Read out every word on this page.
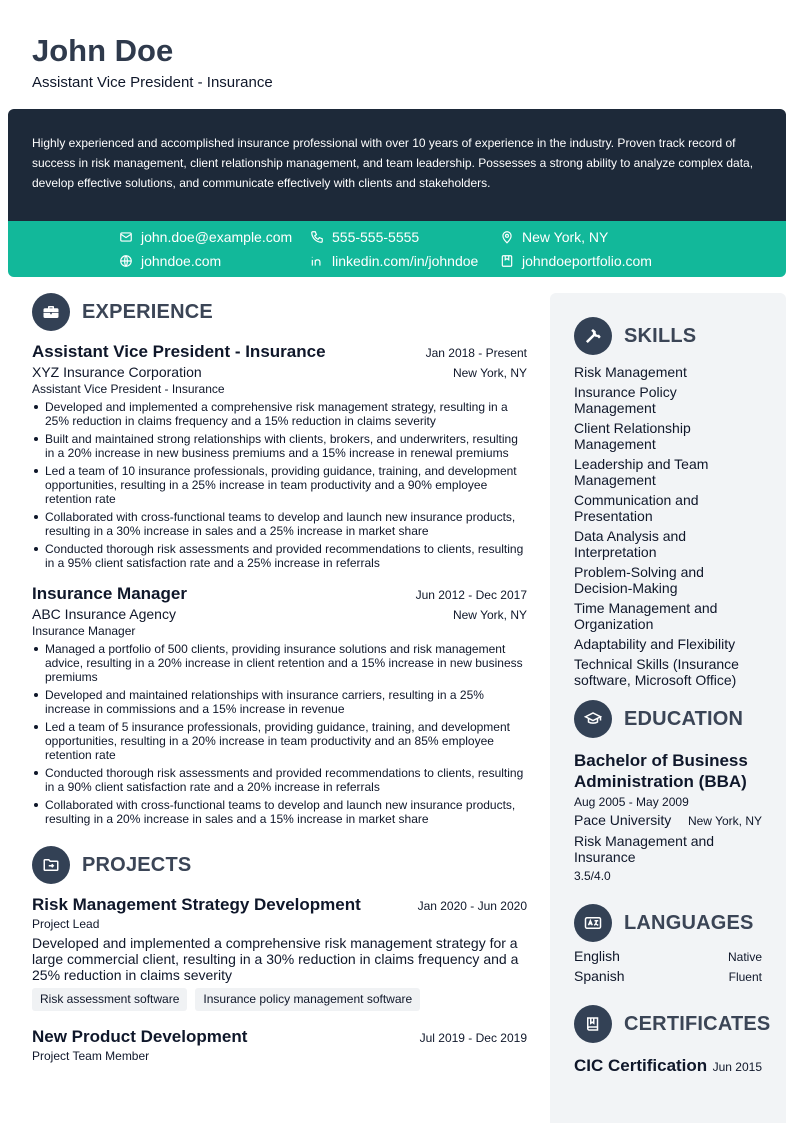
John Doe
Assistant Vice President - Insurance

Highly experienced and accomplished insurance professional with over 10 years of experience in the industry. Proven track record of success in risk management, client relationship management, and team leadership. Possesses a strong ability to analyze complex data, develop effective solutions, and communicate effectively with clients and stakeholders.

john.doe@example.com	555-555-5555	New York, NY
johndoe.com	linkedin.com/in/johndoe	johndoeportfolio.com
EXPERIENCE
Assistant Vice President - Insurance	Jan 2018 - Present
XYZ Insurance Corporation	New York, NY
Assistant Vice President - Insurance
Developed and implemented a comprehensive risk management strategy, resulting in a 25% reduction in claims frequency and a 15% reduction in claims severity
Built and maintained strong relationships with clients, brokers, and underwriters, resulting in a 20% increase in new business premiums and a 15% increase in renewal premiums
Led a team of 10 insurance professionals, providing guidance, training, and development opportunities, resulting in a 25% increase in team productivity and a 90% employee retention rate
Collaborated with cross-functional teams to develop and launch new insurance products, resulting in a 30% increase in sales and a 25% increase in market share
Conducted thorough risk assessments and provided recommendations to clients, resulting in a 95% client satisfaction rate and a 25% increase in referrals
Insurance Manager	Jun 2012 - Dec 2017
ABC Insurance Agency	New York, NY
Insurance Manager
Managed a portfolio of 500 clients, providing insurance solutions and risk management advice, resulting in a 20% increase in client retention and a 15% increase in new business premiums
Developed and maintained relationships with insurance carriers, resulting in a 25% increase in commissions and a 15% increase in revenue
Led a team of 5 insurance professionals, providing guidance, training, and development opportunities, resulting in a 20% increase in team productivity and an 85% employee retention rate
Conducted thorough risk assessments and provided recommendations to clients, resulting in a 90% client satisfaction rate and a 20% increase in referrals
Collaborated with cross-functional teams to develop and launch new insurance products, resulting in a 20% increase in sales and a 15% increase in market share
PROJECTS
Risk Management Strategy Development	Jan 2020 - Jun 2020
Project Lead
Developed and implemented a comprehensive risk management strategy for a large commercial client, resulting in a 30% reduction in claims frequency and a 25% reduction in claims severity
Risk assessment software	Insurance policy management software
New Product Development	Jul 2019 - Dec 2019
Project Team Member
SKILLS
Risk Management
Insurance Policy Management
Client Relationship Management
Leadership and Team Management
Communication and Presentation
Data Analysis and Interpretation
Problem-Solving and Decision-Making
Time Management and Organization
Adaptability and Flexibility
Technical Skills (Insurance software, Microsoft Office)
EDUCATION
Bachelor of Business Administration (BBA)
Aug 2005 - May 2009
Pace University New York, NY
Risk Management and Insurance
3.5/4.0
LANGUAGES
English	Native
Spanish	Fluent
CERTIFICATES
CIC Certification Jun 2015
